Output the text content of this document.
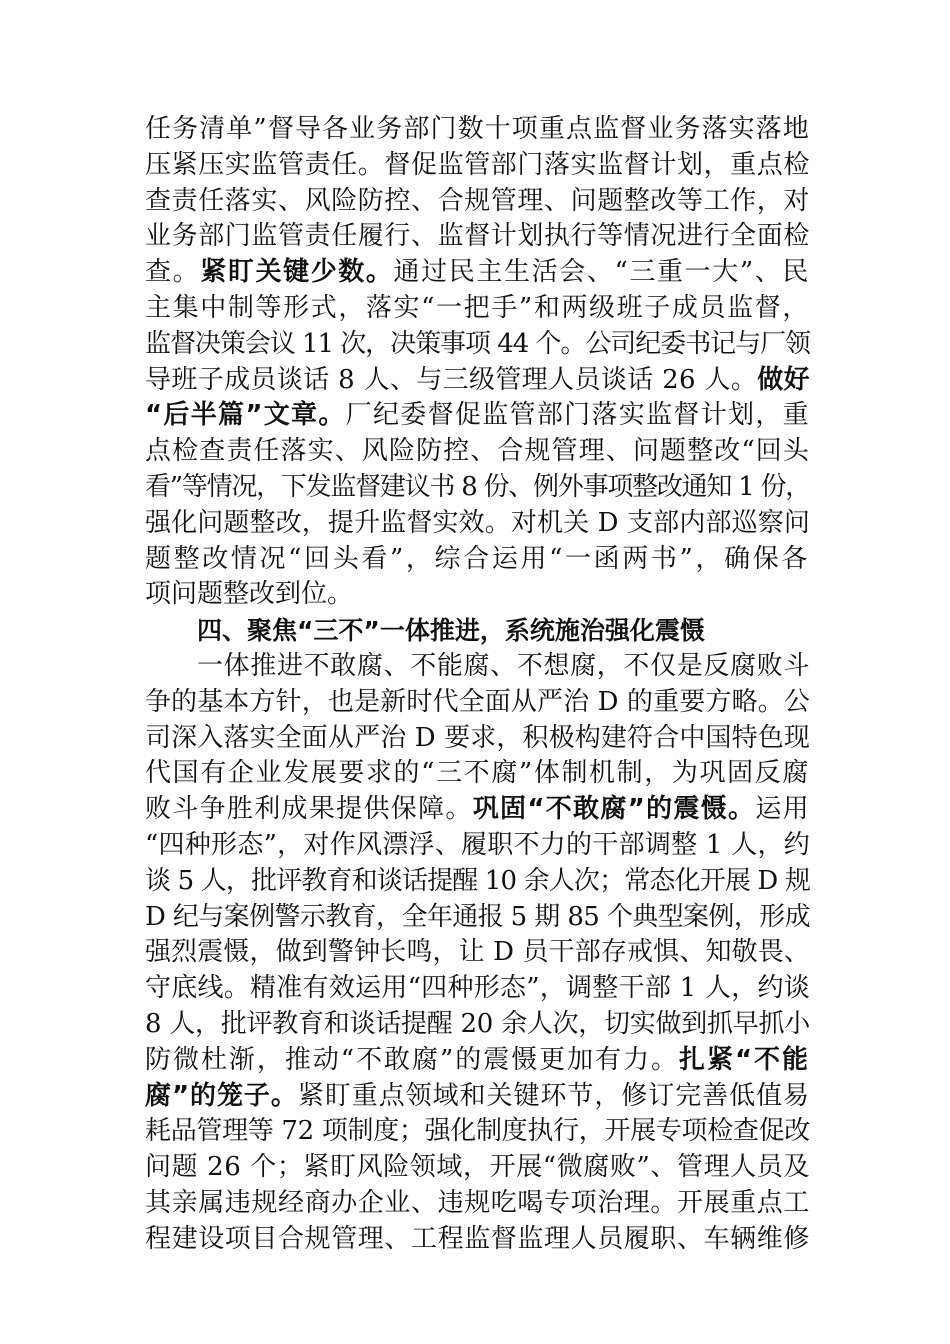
任务清单”督导各业务部门数十项重点监督业务落实落地
压紧压实监管责任。督促监管部门落实监督计划，重点检
查责任落实、风险防控、合规管理、问题整改等工作，对
业务部门监管责任履行、监督计划执行等情况进行全面检
查。紧盯关键少数。通过民主生活会、“三重一大”、民
主集中制等形式，落实“一把手”和两级班子成员监督，
监督决策会议 11 次，决策事项 44 个。公司纪委书记与厂领
导班子成员谈话 8 人、与三级管理人员谈话 26 人。做好
“后半篇”文章。厂纪委督促监管部门落实监督计划，重
点检查责任落实、风险防控、合规管理、问题整改“回头
看”等情况，下发监督建议书 8 份、例外事项整改通知 1 份，
强化问题整改，提升监督实效。对机关 D 支部内部巡察问
题整改情况“回头看”，综合运用“一函两书”，确保各
项问题整改到位。
四、聚焦“三不”一体推进，系统施治强化震慑
一体推进不敢腐、不能腐、不想腐，不仅是反腐败斗
争的基本方针，也是新时代全面从严治 D 的重要方略。公
司深入落实全面从严治 D 要求，积极构建符合中国特色现
代国有企业发展要求的“三不腐”体制机制，为巩固反腐
败斗争胜利成果提供保障。巩固“不敢腐”的震慑。运用
“四种形态”，对作风漂浮、履职不力的干部调整 1 人，约
谈 5 人，批评教育和谈话提醒 10 余人次；常态化开展 D 规
D 纪与案例警示教育，全年通报 5 期 85 个典型案例，形成
强烈震慑，做到警钟长鸣，让 D 员干部存戒惧、知敬畏、
守底线。精准有效运用“四种形态”，调整干部 1 人，约谈
8 人，批评教育和谈话提醒 20 余人次，切实做到抓早抓小
防微杜渐，推动“不敢腐”的震慑更加有力。扎紧“不能
腐”的笼子。紧盯重点领域和关键环节，修订完善低值易
耗品管理等 72 项制度；强化制度执行，开展专项检查促改
问题 26 个；紧盯风险领域，开展“微腐败”、管理人员及
其亲属违规经商办企业、违规吃喝专项治理。开展重点工
程建设项目合规管理、工程监督监理人员履职、车辆维修
